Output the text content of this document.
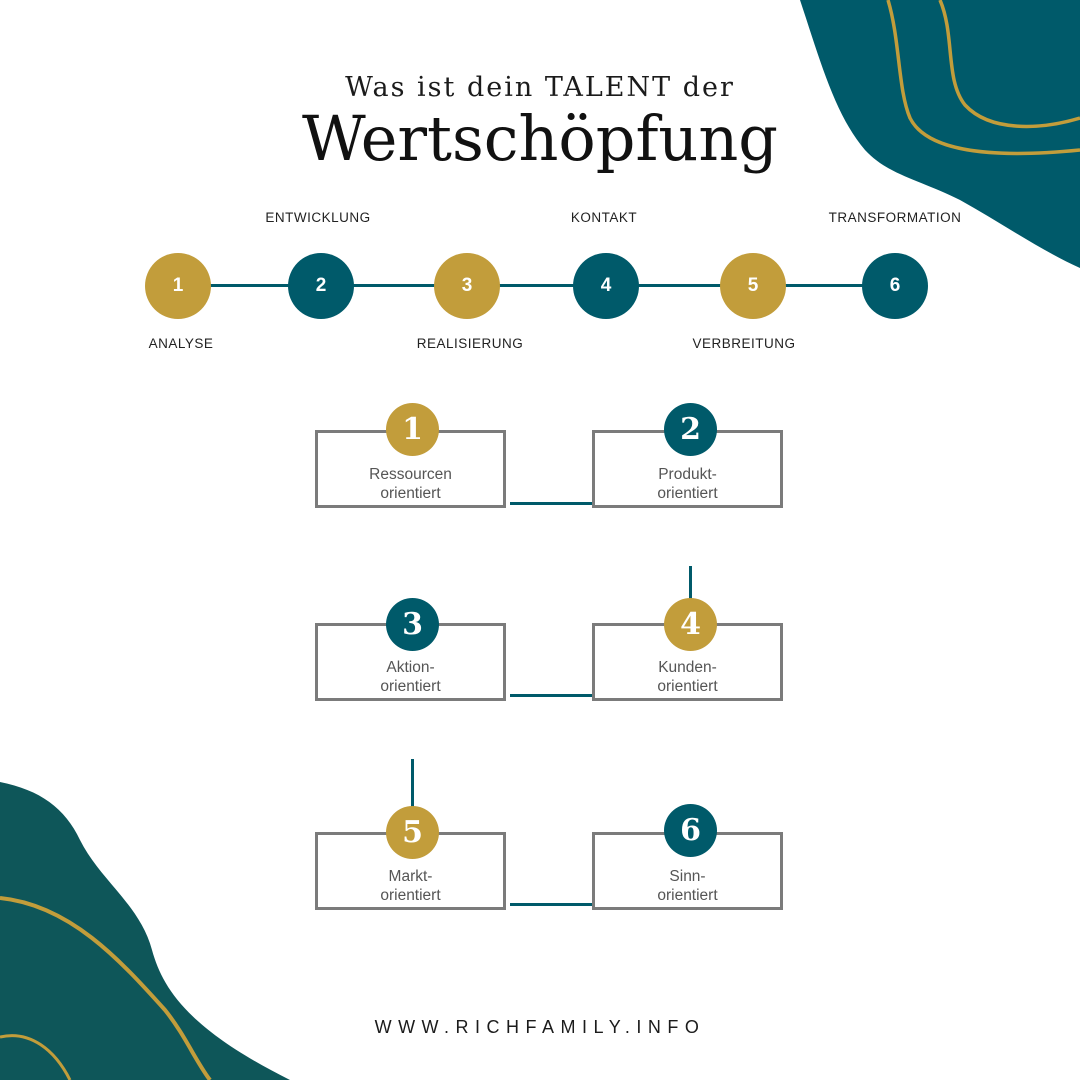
Was ist dein TALENT der
Wertschöpfung
1	2	3	4	5	6
ANALYSE
ENTWICKLUNG
REALISIERUNG
KONTAKT
VERBREITUNG
TRANSFORMATION
Ressourcen
orientiert
1
Produkt-
orientiert
2
Aktion-
orientiert
3
Kunden-
orientiert
4
Markt-
orientiert
5
Sinn-
orientiert
6
WWW.RICHFAMILY.INFO
